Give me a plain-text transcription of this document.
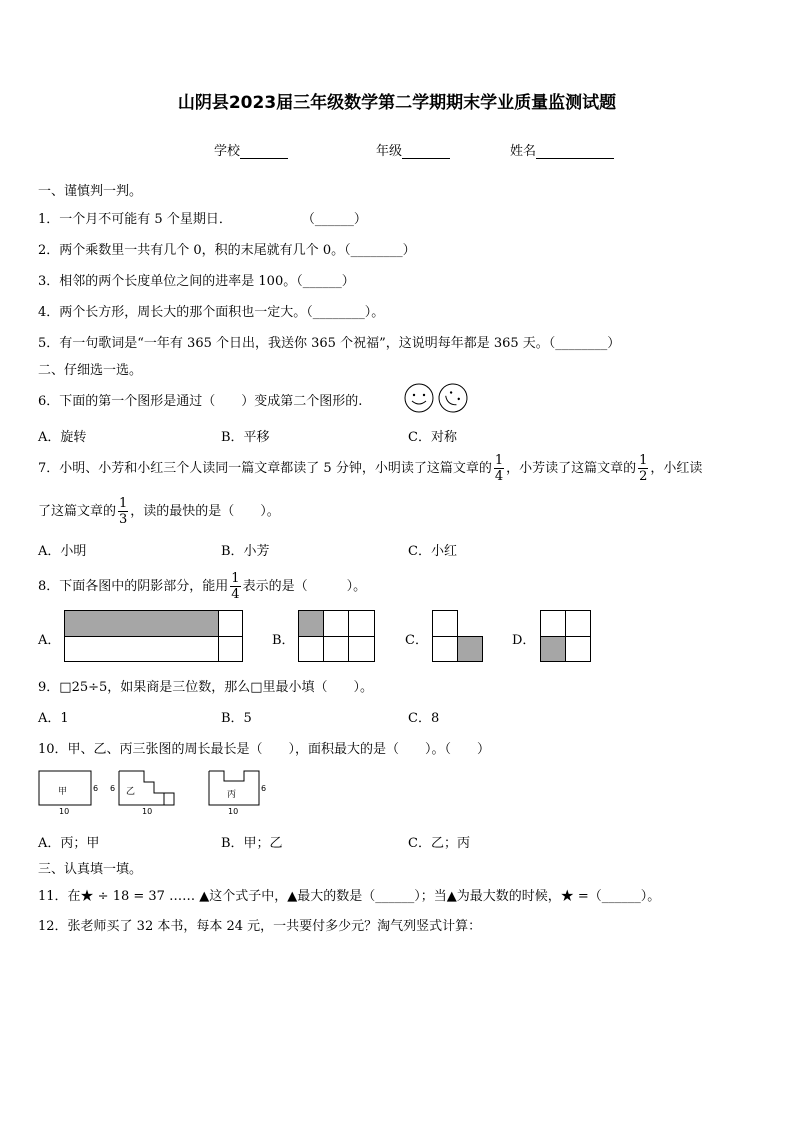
山阴县2023届三年级数学第二学期期末学业质量监测试题
学校	年级	姓名
一、谨慎判一判。
1．一个月不可能有 5 个星期日．	（______）
2．两个乘数里一共有几个 0，积的末尾就有几个 0。（________）
3．相邻的两个长度单位之间的进率是 100。（______）
4．两个长方形，周长大的那个面积也一定大。（________）。
5．有一句歌词是“一年有 365 个日出，我送你 365 个祝福”，这说明每年都是 365 天。（________）
二、仔细选一选。
6．下面的第一个图形是通过（　　）变成第二个图形的.
A．旋转	B．平移	C．对称
7．小明、小芳和小红三个人读同一篇文章都读了 5 分钟，小明读了这篇文章的 $\frac{1}{4}$ ，小芳读了这篇文章的 $\frac{1}{2}$ ，小红读
了这篇文章的 $\frac{1}{3}$ ，读的最快的是（　　）。
A．小明	B．小芳	C．小红
8．下面各图中的阴影部分，能用 $\frac{1}{4}$ 表示的是（　　　）。
A．	B．	C．	D．
9．□25÷5，如果商是三位数，那么□里最小填（　　）。
A．1	B．5	C．8
10．甲、乙、丙三张图的周长最长是（　　），面积最大的是（　　）。（　　）
甲	6
10
乙
6
10
丙
6
10
A．丙；甲	B．甲；乙	C．乙；丙
三、认真填一填。
11．在★ ÷ 18 = 37 …… ▲这个式子中，▲最大的数是（______）；当▲为最大数的时候，★ =（______）。
12．张老师买了 32 本书，每本 24 元，一共要付多少元？淘气列竖式计算：
